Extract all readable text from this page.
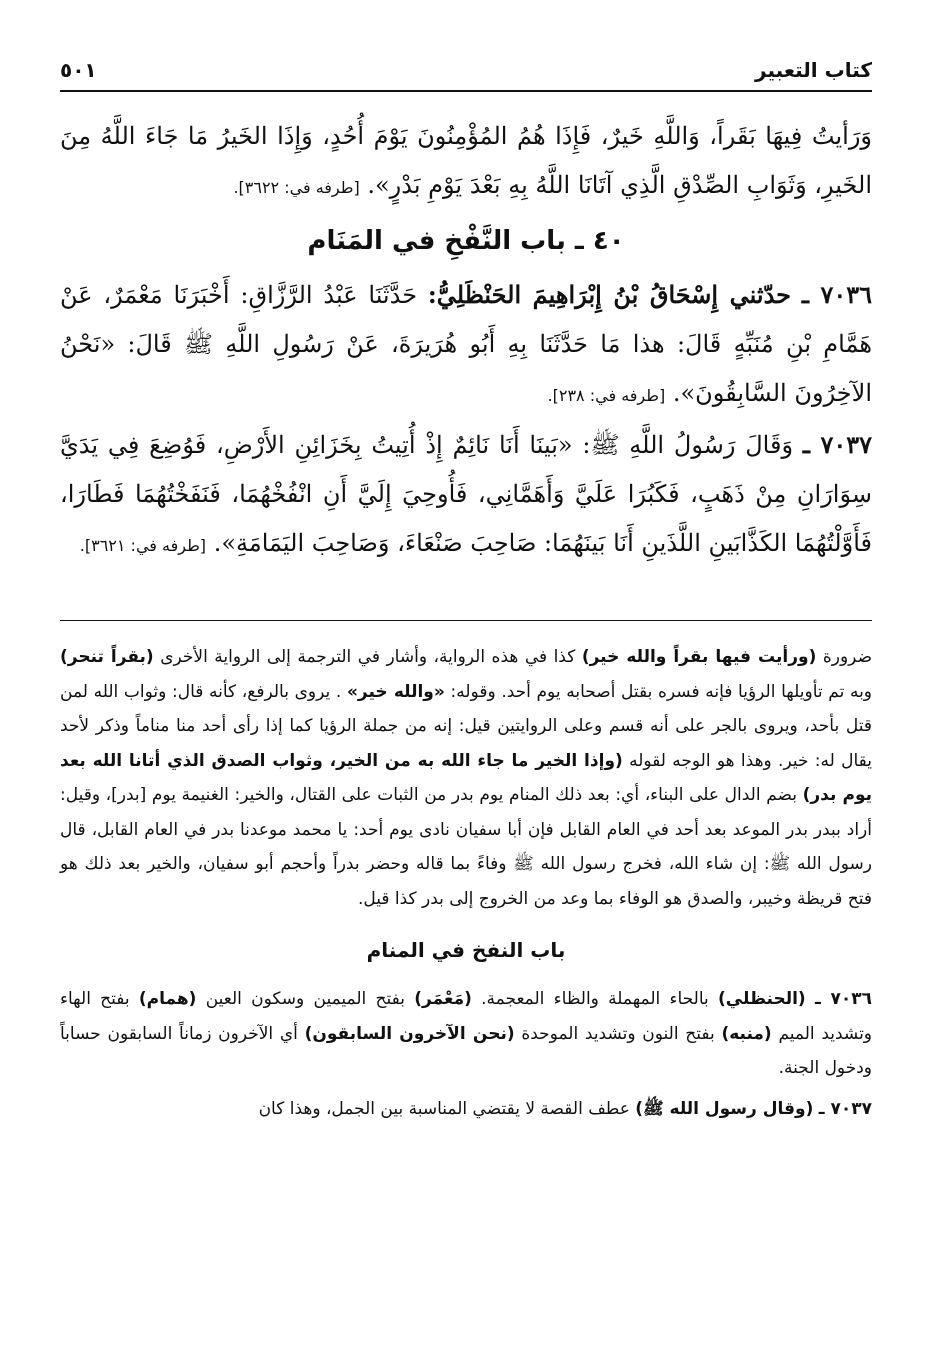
كتاب التعبير
٥٠١

وَرَأيتُ فِيهَا بَقَراً، وَاللَّهِ خَيرٌ، فَإِذَا هُمُ المُؤْمِنُونَ يَوْمَ أُحُدٍ، وَإِذَا الخَيرُ مَا جَاءَ اللَّهُ مِنَ الخَيرِ، وَثَوَابِ الصِّدْقِ الَّذِي آتَانَا اللَّهُ بِهِ بَعْدَ يَوْمِ بَدْرٍ». [طرفه في: ٣٦٢٢].

٤٠ ـ باب النَّفْخِ في المَنَام

٧٠٣٦ ـ حدّثني إِسْحَاقُ بْنُ إِبْرَاهِيمَ الحَنْظَلِيُّ: حَدَّثَنَا عَبْدُ الرَّزَّاقِ: أَخْبَرَنَا مَعْمَرٌ، عَنْ هَمَّامِ بْنِ مُنَبِّهٍ قَالَ: هذا مَا حَدَّثَنَا بِهِ أَبُو هُرَيرَةَ، عَنْ رَسُولِ اللَّهِ ﷺ قَالَ: «نَحْنُ الآخِرُونَ السَّابِقُونَ». [طرفه في: ٢٣٨].

٧٠٣٧ ـ وَقَالَ رَسُولُ اللَّهِ ﷺ: «بَينَا أَنَا نَائِمٌ إِذْ أُتِيتُ بِخَزَائِنِ الأَرْضِ، فَوُضِعَ فِي يَدَيَّ سِوَارَانِ مِنْ ذَهَبٍ، فَكَبُرَا عَلَيَّ وَأَهَمَّانِي، فَأُوحِيَ إِلَيَّ أَنِ انْفُخْهُمَا، فَنَفَخْتُهُمَا فَطَارَا، فَأَوَّلْتُهُمَا الكَذَّابَينِ اللَّذَينِ أَنَا بَينَهُمَا: صَاحِبَ صَنْعَاءَ، وَصَاحِبَ اليَمَامَةِ». [طرفه في: ٣٦٢١].

ضرورة (ورأيت فيها بقراً والله خير) كذا في هذه الرواية، وأشار في الترجمة إلى الرواية الأخرى (بقراً تنحر) وبه تم تأويلها الرؤيا فإنه فسره بقتل أصحابه يوم أحد. وقوله: «والله خير» . يروى بالرفع، كأنه قال: وثواب الله لمن قتل بأحد، ويروى بالجر على أنه قسم وعلى الروايتين قيل: إنه من جملة الرؤيا كما إذا رأى أحد منا مناماً وذكر لأحد يقال له: خير. وهذا هو الوجه لقوله (وإذا الخير ما جاء الله به من الخير، وثواب الصدق الذي أتانا الله بعد يوم بدر) بضم الدال على البناء، أي: بعد ذلك المنام يوم بدر من الثبات على القتال، والخير: الغنيمة يوم [بدر]، وقيل: أراد ببدر بدر الموعد بعد أحد في العام القابل فإن أبا سفيان نادى يوم أحد: يا محمد موعدنا بدر في العام القابل، قال رسول الله ﷺ: إن شاء الله، فخرج رسول الله ﷺ وفاءً بما قاله وحضر بدراً وأحجم أبو سفيان، والخير بعد ذلك هو فتح قريظة وخيبر، والصدق هو الوفاء بما وعد من الخروج إلى بدر كذا قيل.

باب النفخ في المنام

٧٠٣٦ ـ (الحنظلي) بالحاء المهملة والظاء المعجمة. (مَعْمَر) بفتح الميمين وسكون العين (همام) بفتح الهاء وتشديد الميم (منبه) بفتح النون وتشديد الموحدة (نحن الآخرون السابقون) أي الآخرون زماناً السابقون حساباً ودخول الجنة.

٧٠٣٧ ـ (وقال رسول الله ﷺ) عطف القصة لا يقتضي المناسبة بين الجمل، وهذا كان
